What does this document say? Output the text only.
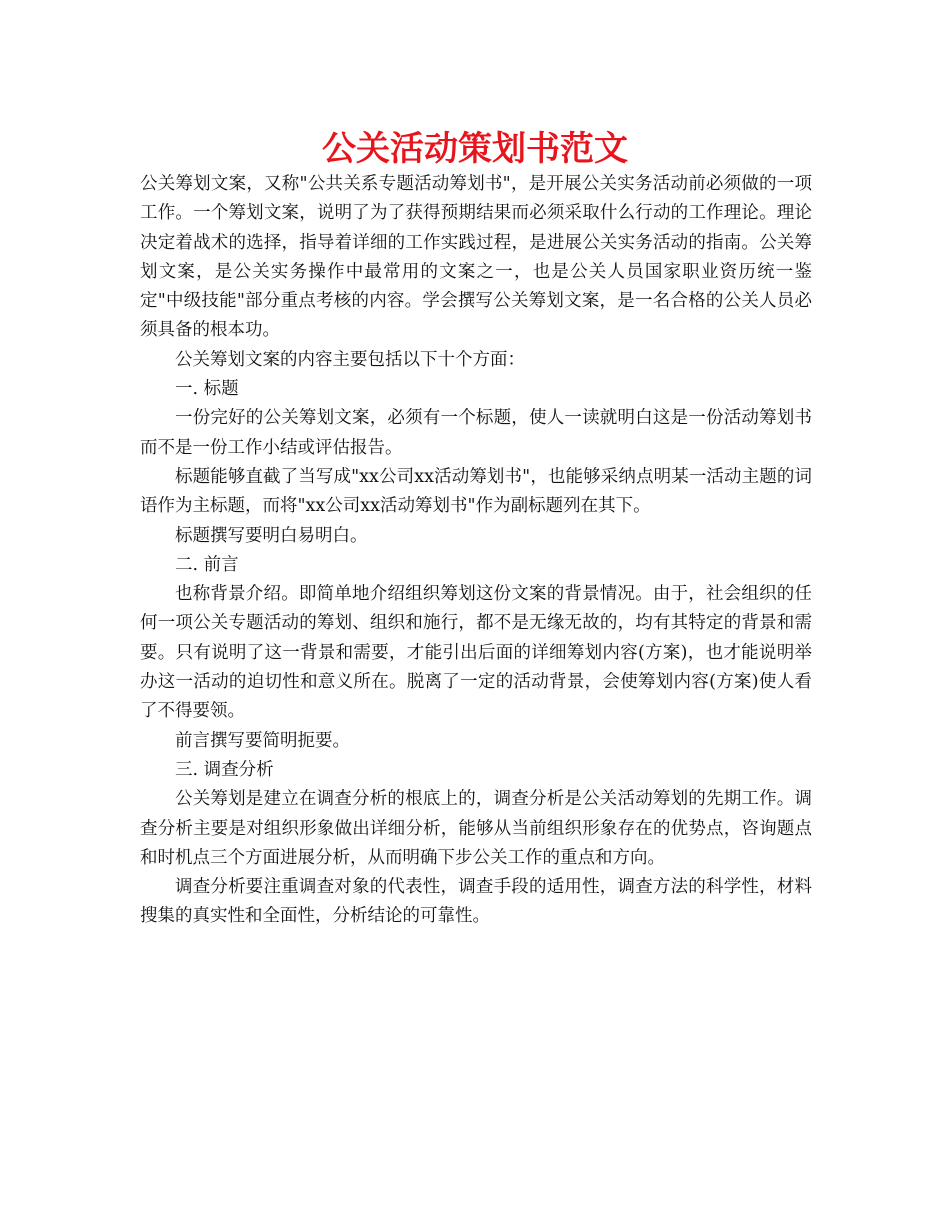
公关活动策划书范文

公关筹划文案，又称"公共关系专题活动筹划书"，是开展公关实务活动前必须做的一项工作。一个筹划文案，说明了为了获得预期结果而必须采取什么行动的工作理论。理论决定着战术的选择，指导着详细的工作实践过程，是进展公关实务活动的指南。公关筹划文案，是公关实务操作中最常用的文案之一，也是公关人员国家职业资历统一鉴定"中级技能"部分重点考核的内容。学会撰写公关筹划文案，是一名合格的公关人员必须具备的根本功。

公关筹划文案的内容主要包括以下十个方面：

一. 标题

一份完好的公关筹划文案，必须有一个标题，使人一读就明白这是一份活动筹划书而不是一份工作小结或评估报告。

标题能够直截了当写成"xx公司xx活动筹划书"，也能够采纳点明某一活动主题的词语作为主标题，而将"xx公司xx活动筹划书"作为副标题列在其下。

标题撰写要明白易明白。

二. 前言

也称背景介绍。即简单地介绍组织筹划这份文案的背景情况。由于，社会组织的任何一项公关专题活动的筹划、组织和施行，都不是无缘无故的，均有其特定的背景和需要。只有说明了这一背景和需要，才能引出后面的详细筹划内容(方案)，也才能说明举办这一活动的迫切性和意义所在。脱离了一定的活动背景，会使筹划内容(方案)使人看了不得要领。

前言撰写要简明扼要。

三. 调查分析

公关筹划是建立在调查分析的根底上的，调查分析是公关活动筹划的先期工作。调查分析主要是对组织形象做出详细分析，能够从当前组织形象存在的优势点，咨询题点和时机点三个方面进展分析，从而明确下步公关工作的重点和方向。

调查分析要注重调查对象的代表性，调查手段的适用性，调查方法的科学性，材料搜集的真实性和全面性，分析结论的可靠性。
